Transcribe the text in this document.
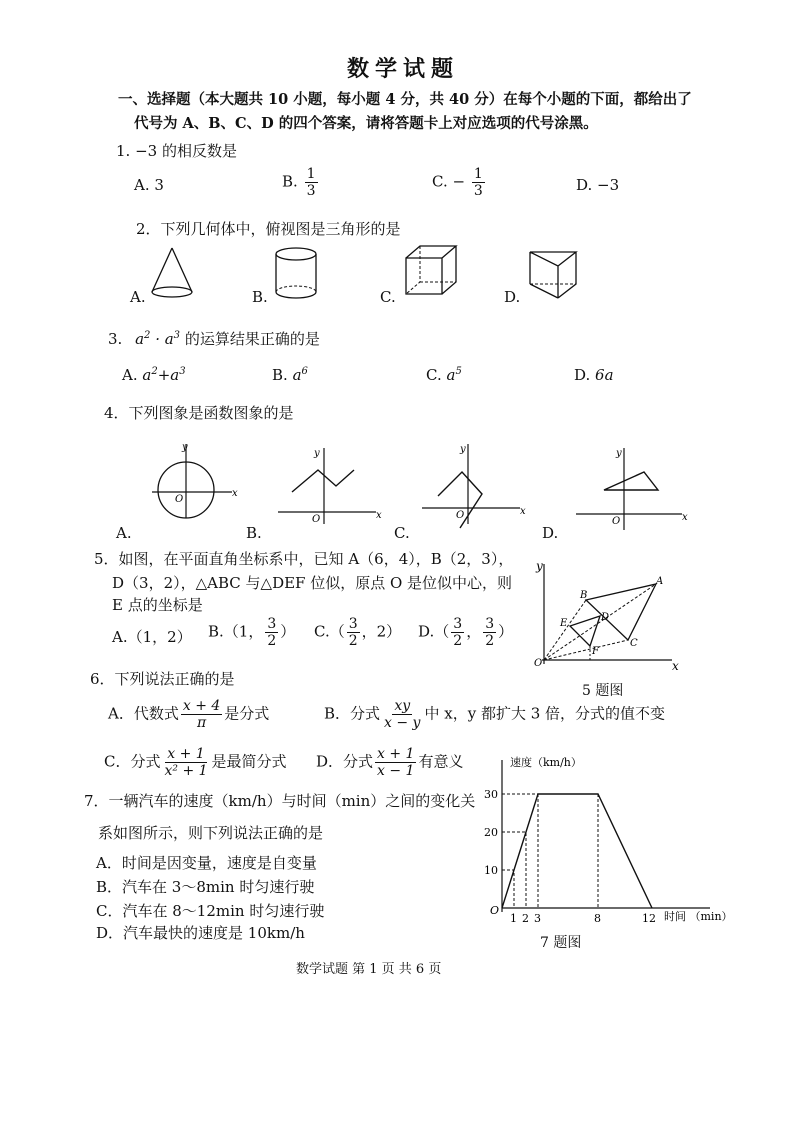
数学试题
一、选择题（本大题共 10 小题，每小题 4 分，共 40 分）在每个小题的下面，都给出了
代号为 A、B、C、D 的四个答案，请将答题卡上对应选项的代号涂黑。
1. −3 的相反数是
A. 3	B. $\frac{1}{3}$	C. − $\frac{1}{3}$	D. −3
2．下列几何体中，俯视图是三角形的是
A.	B.	C.	D.
3. $a^2 \cdot a^3$ 的运算结果正确的是
A. $a^2+a^3$	B. $a^6$	C. $a^5$	D. 6a
4．下列图象是函数图象的是
A.	B.	C.	D.
x
y
O
x
y
O
x
y
O	x
y
O
5．如图，在平面直角坐标系中，已知 A（6，4），B（2，3），
D（3，2），△ABC 与△DEF 位似，原点 O 是位似中心，则
E 点的坐标是
A.（1，2） B.（1， $\frac{3}{2}$ ） $C.( \frac{3}{2}$ ，2） $D.( \frac{3}{2}$ ， $\frac{3}{2}$ ）
B
A
C
D
E
F
O	x
y
5 题图
6．下列说法正确的是
A．代数式 $\frac{x + 4}{\pi}$ 是分式	B．分式 $\frac{xy}{x - y}$ 中 x，y 都扩大 3 倍，分式的值不变
C．分式 $\frac{x + 1}{\text{x² + 1}}$ 是最简分式 D．分式 $\frac{x + 1}{x - 1}$ 有意义
7．一辆汽车的速度（km/h）与时间（min）之间的变化关
系如图所示，则下列说法正确的是
A．时间是因变量，速度是自变量
B．汽车在 3～8min 时匀速行驶
C．汽车在 8～12min 时匀速行驶
D．汽车最快的速度是 10km/h
速度（km/h）
时间 （min）
O
10
20
30
1 2 3	8	12
7 题图
数学试题 第 1 页 共 6 页
